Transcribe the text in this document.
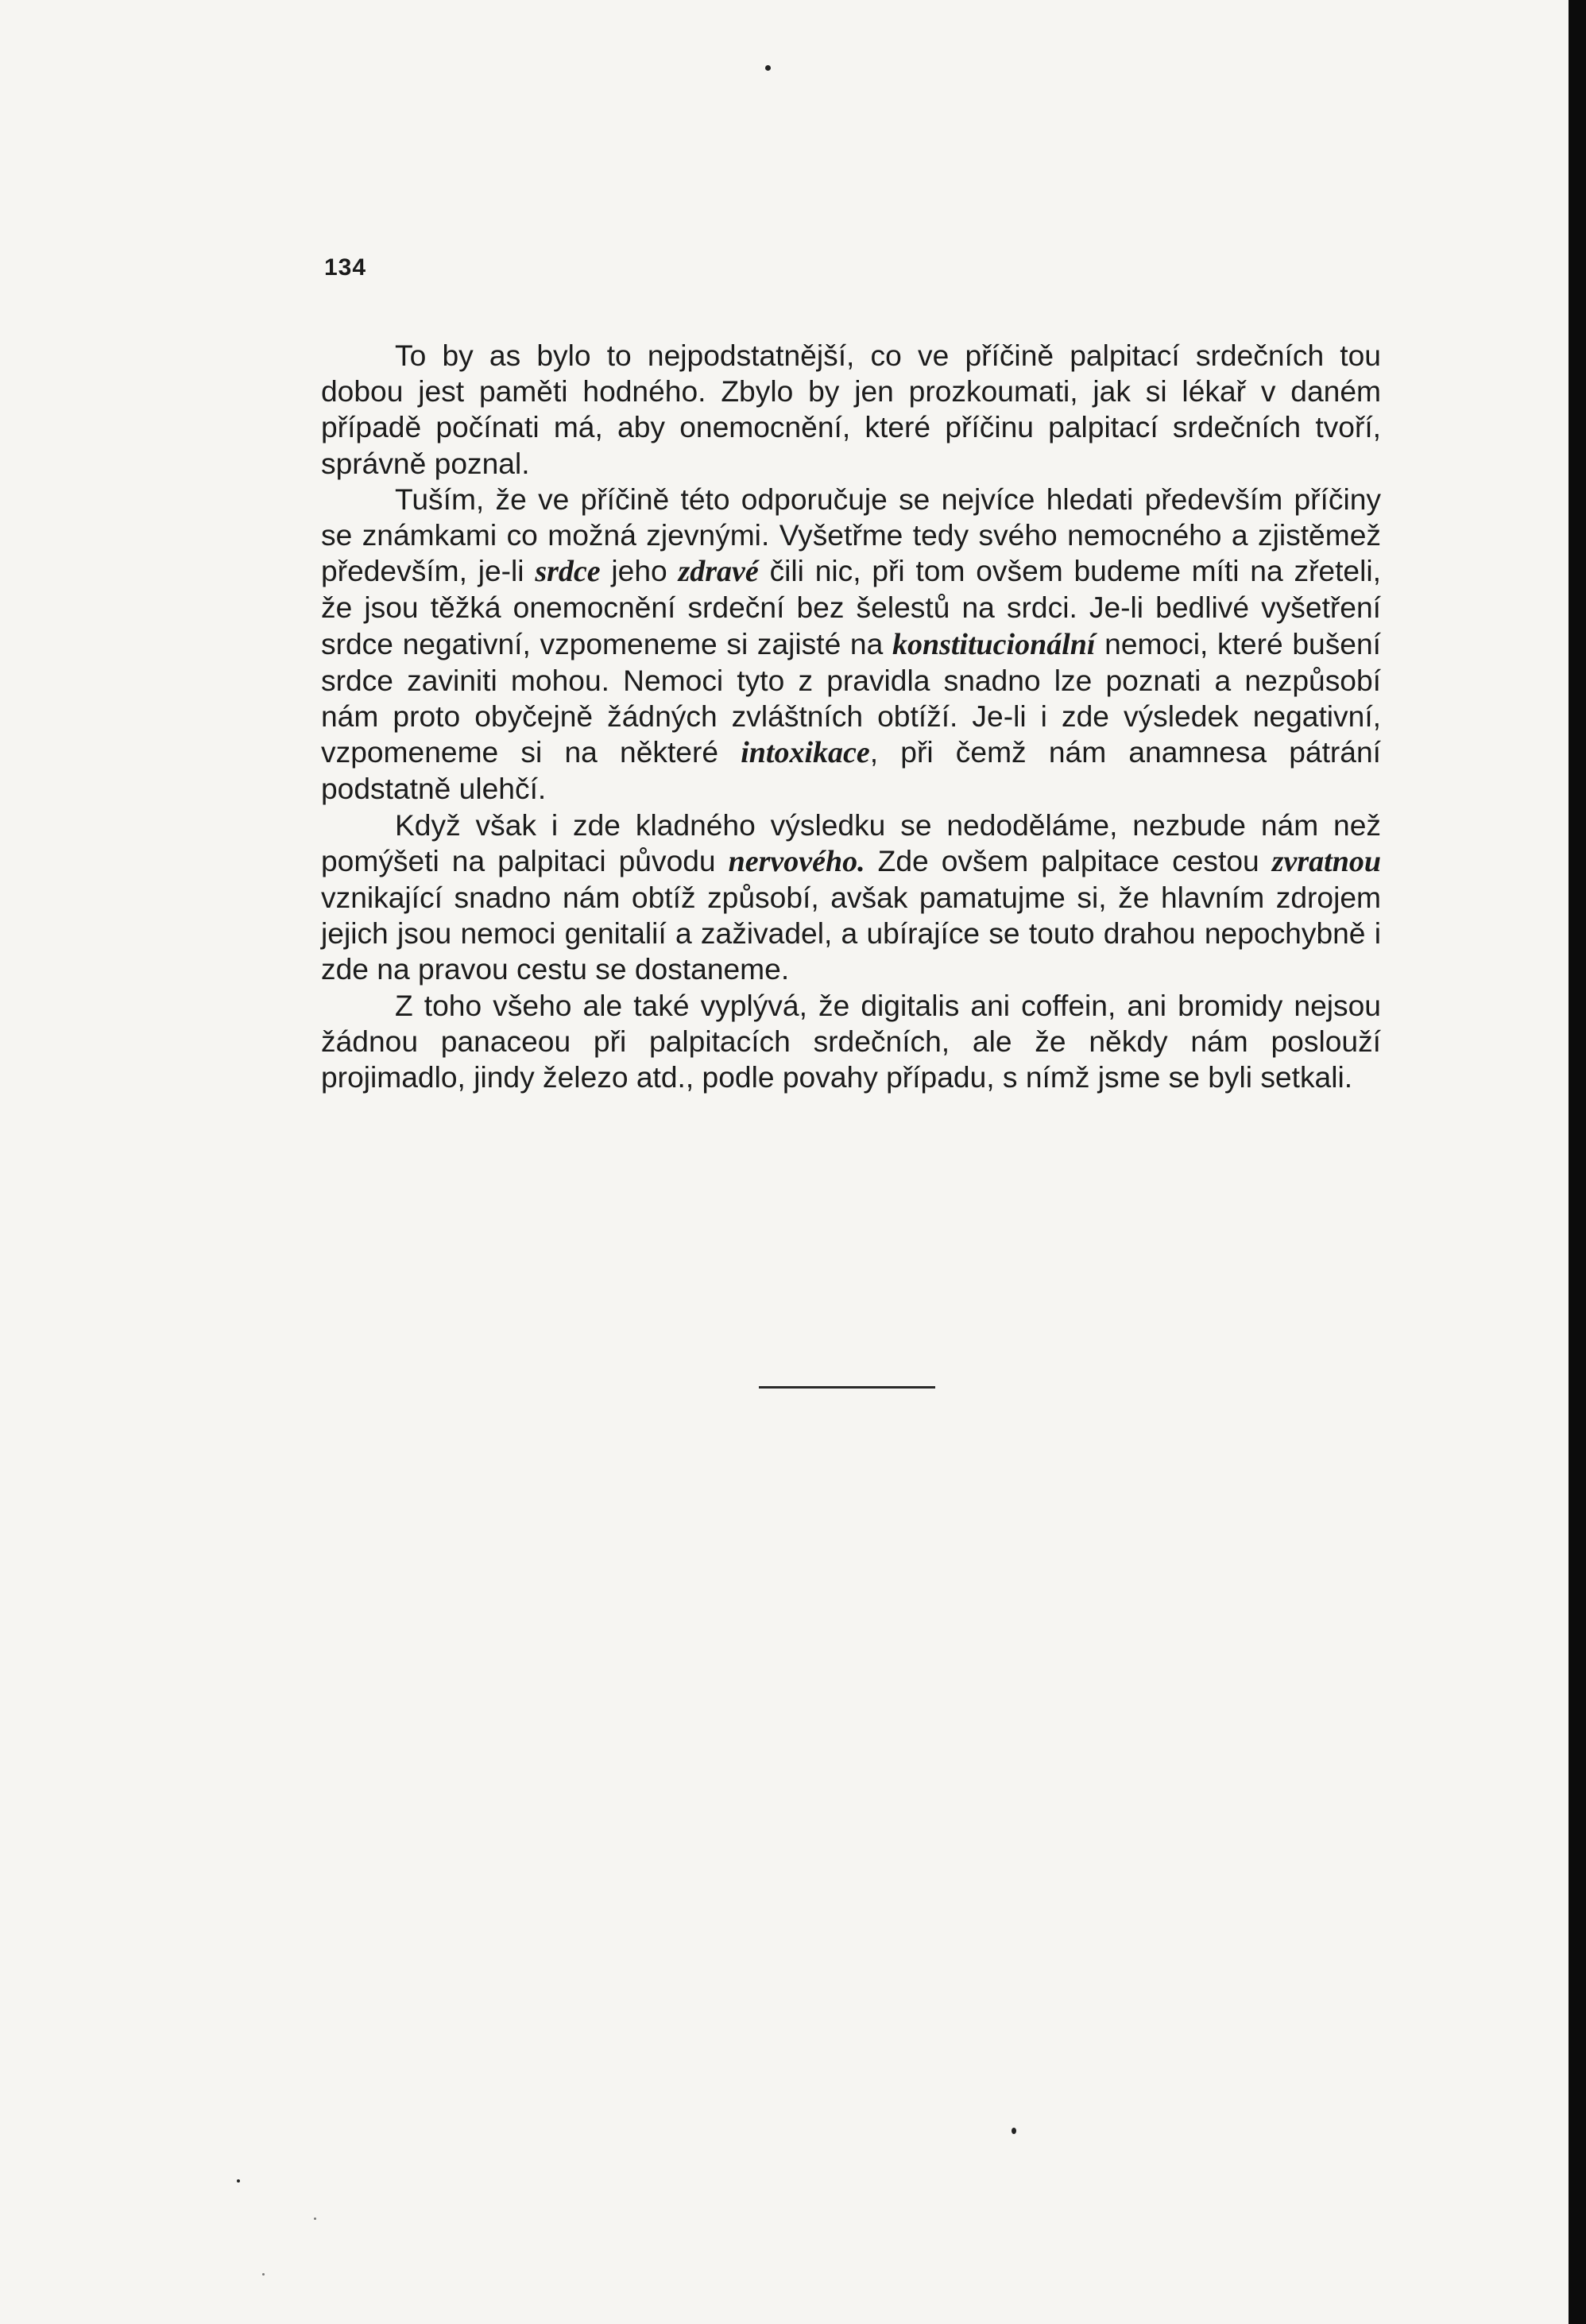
134

To by as bylo to nejpodstatnější, co ve příčině palpitací srdečních tou dobou jest paměti hodného. Zbylo by jen prozkoumati, jak si lékař v daném případě počínati má, aby onemocnění, které příčinu palpitací srdečních tvoří, správně poznal.

Tuším, že ve příčině této odporučuje se nejvíce hledati především příčiny se známkami co možná zjevnými. Vyšetřme tedy svého nemocného a zjistěmež především, je-li srdce jeho zdravé čili nic, při tom ovšem budeme míti na zřeteli, že jsou těžká onemocnění srdeční bez šelestů na srdci. Je-li bedlivé vyšetření srdce negativní, vzpomeneme si zajisté na konstitucionální nemoci, které bušení srdce zaviniti mohou. Nemoci tyto z pravidla snadno lze poznati a nezpůsobí nám proto obyčejně žádných zvláštních obtíží. Je-li i zde výsledek negativní, vzpomeneme si na některé intoxikace, při čemž nám anamnesa pátrání podstatně ulehčí.

Když však i zde kladného výsledku se nedoděláme, nezbude nám než pomýšeti na palpitaci původu nervového. Zde ovšem palpitace cestou zvratnou vznikající snadno nám obtíž způsobí, avšak pamatujme si, že hlavním zdrojem jejich jsou nemoci genitalií a zaživadel, a ubírajíce se touto drahou nepochybně i zde na pravou cestu se dostaneme.

Z toho všeho ale také vyplývá, že digitalis ani coffein, ani bromidy nejsou žádnou panaceou při palpitacích srdečních, ale že někdy nám poslouží projimadlo, jindy železo atd., podle povahy případu, s nímž jsme se byli setkali.
